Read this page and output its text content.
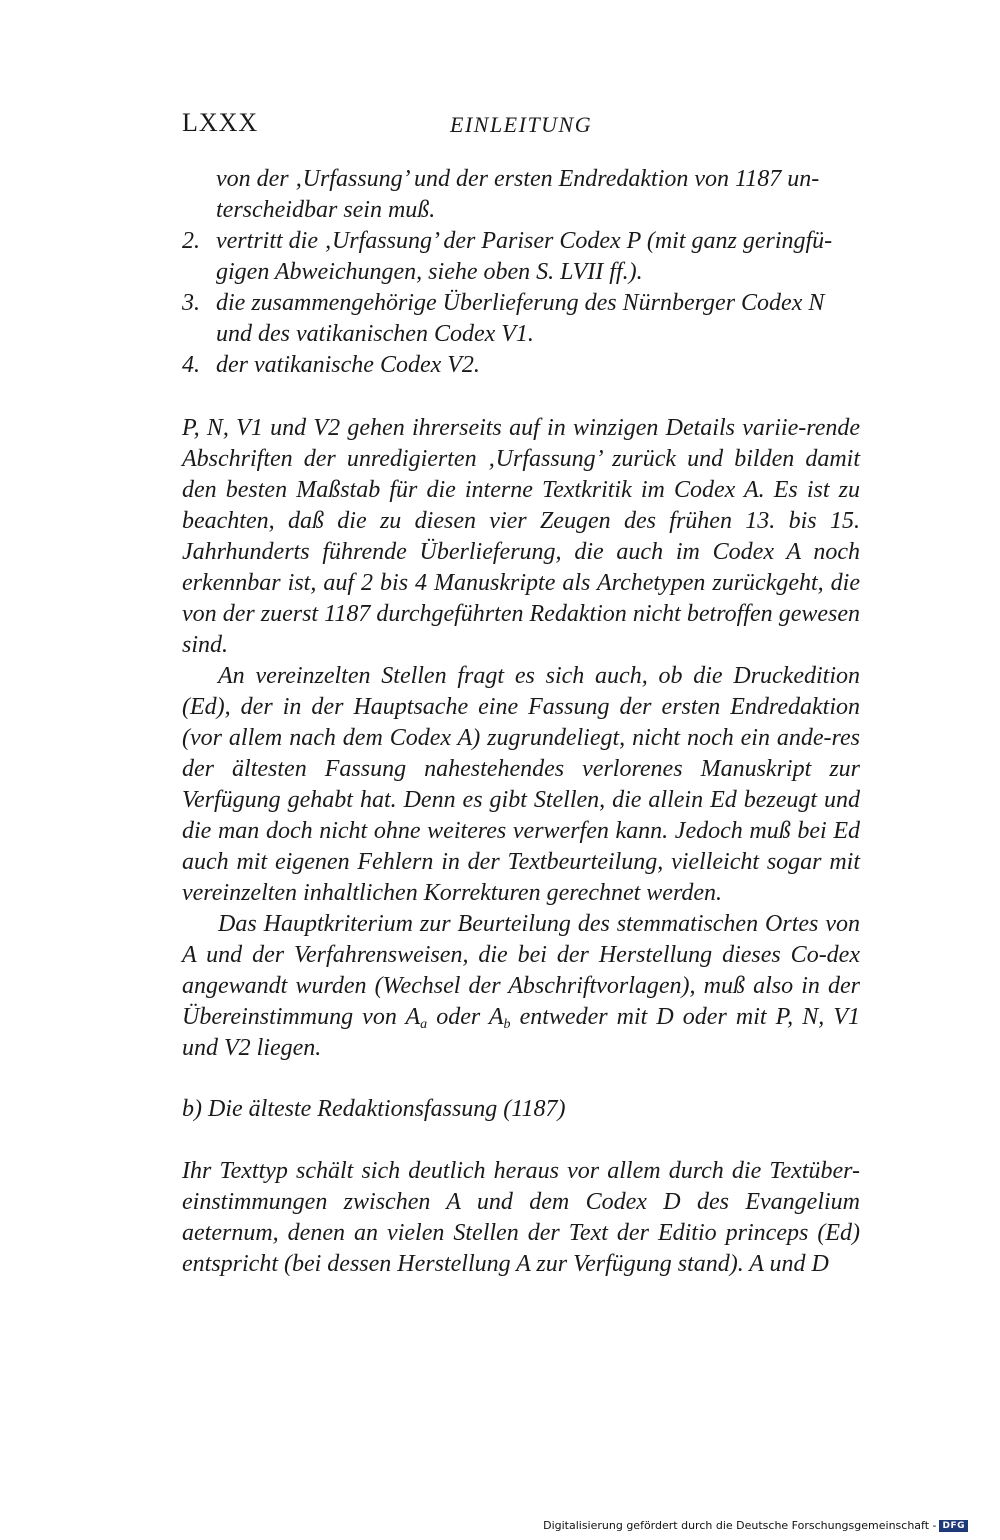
LXXX	EINLEITUNG

von der ‚Urfassung’ und der ersten Endredaktion von 1187 un-terscheidbar sein muß.

2. vertritt die ‚Urfassung’ der Pariser Codex P (mit ganz geringfü-gigen Abweichungen, siehe oben S. LVII ff.).
3. die zusammengehörige Überlieferung des Nürnberger Codex N und des vatikanischen Codex V1.
4. der vatikanische Codex V2.

P, N, V1 und V2 gehen ihrerseits auf in winzigen Details variie-rende Abschriften der unredigierten ‚Urfassung’ zurück und bilden damit den besten Maßstab für die interne Textkritik im Codex A. Es ist zu beachten, daß die zu diesen vier Zeugen des frühen 13. bis 15. Jahrhunderts führende Überlieferung, die auch im Codex A noch erkennbar ist, auf 2 bis 4 Manuskripte als Archetypen zurückgeht, die von der zuerst 1187 durchgeführten Redaktion nicht betroffen gewesen sind.

An vereinzelten Stellen fragt es sich auch, ob die Druckedition (Ed), der in der Hauptsache eine Fassung der ersten Endredaktion (vor allem nach dem Codex A) zugrundeliegt, nicht noch ein ande-res der ältesten Fassung nahestehendes verlorenes Manuskript zur Verfügung gehabt hat. Denn es gibt Stellen, die allein Ed bezeugt und die man doch nicht ohne weiteres verwerfen kann. Jedoch muß bei Ed auch mit eigenen Fehlern in der Textbeurteilung, vielleicht sogar mit vereinzelten inhaltlichen Korrekturen gerechnet werden.

Das Hauptkriterium zur Beurteilung des stemmatischen Ortes von A und der Verfahrensweisen, die bei der Herstellung dieses Co-dex angewandt wurden (Wechsel der Abschriftvorlagen), muß also in der Übereinstimmung von $A_a$ oder $A_b$ entweder mit D oder mit P, N, V1 und V2 liegen.

b) Die älteste Redaktionsfassung (1187)

Ihr Texttyp schält sich deutlich heraus vor allem durch die Textüber-einstimmungen zwischen A und dem Codex D des Evangelium aeternum, denen an vielen Stellen der Text der Editio princeps (Ed) entspricht (bei dessen Herstellung A zur Verfügung stand). A und D

Digitalisierung gefördert durch die Deutsche Forschungsgemeinschaft - DFG
